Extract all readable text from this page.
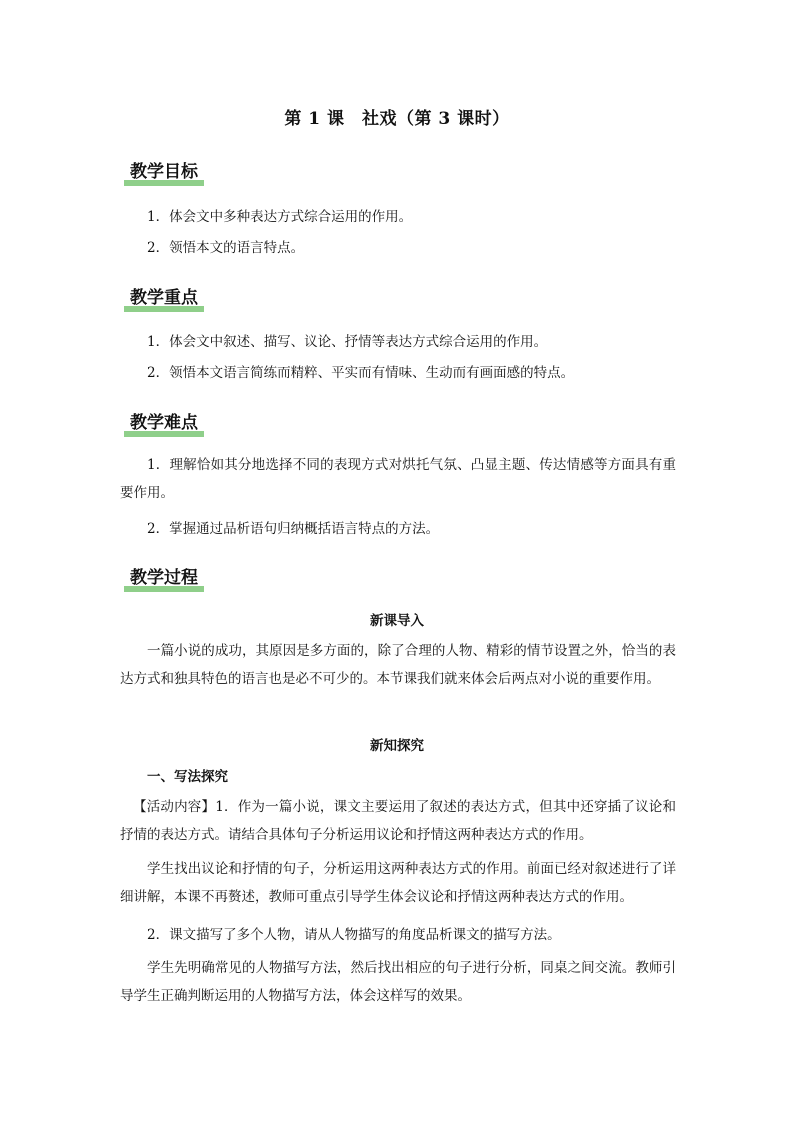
第 1 课　社戏（第 3 课时）
教学目标
1．体会文中多种表达方式综合运用的作用。
2．领悟本文的语言特点。
教学重点
1．体会文中叙述、描写、议论、抒情等表达方式综合运用的作用。
2．领悟本文语言简练而精粹、平实而有情味、生动而有画面感的特点。
教学难点
1．理解恰如其分地选择不同的表现方式对烘托气氛、凸显主题、传达情感等方面具有重要作用。
2．掌握通过品析语句归纳概括语言特点的方法。
教学过程
新课导入
一篇小说的成功，其原因是多方面的，除了合理的人物、精彩的情节设置之外，恰当的表达方式和独具特色的语言也是必不可少的。本节课我们就来体会后两点对小说的重要作用。
新知探究
一、写法探究
【活动内容】1．作为一篇小说，课文主要运用了叙述的表达方式，但其中还穿插了议论和抒情的表达方式。请结合具体句子分析运用议论和抒情这两种表达方式的作用。
学生找出议论和抒情的句子，分析运用这两种表达方式的作用。前面已经对叙述进行了详细讲解，本课不再赘述，教师可重点引导学生体会议论和抒情这两种表达方式的作用。
2．课文描写了多个人物，请从人物描写的角度品析课文的描写方法。
学生先明确常见的人物描写方法，然后找出相应的句子进行分析，同桌之间交流。教师引导学生正确判断运用的人物描写方法，体会这样写的效果。
